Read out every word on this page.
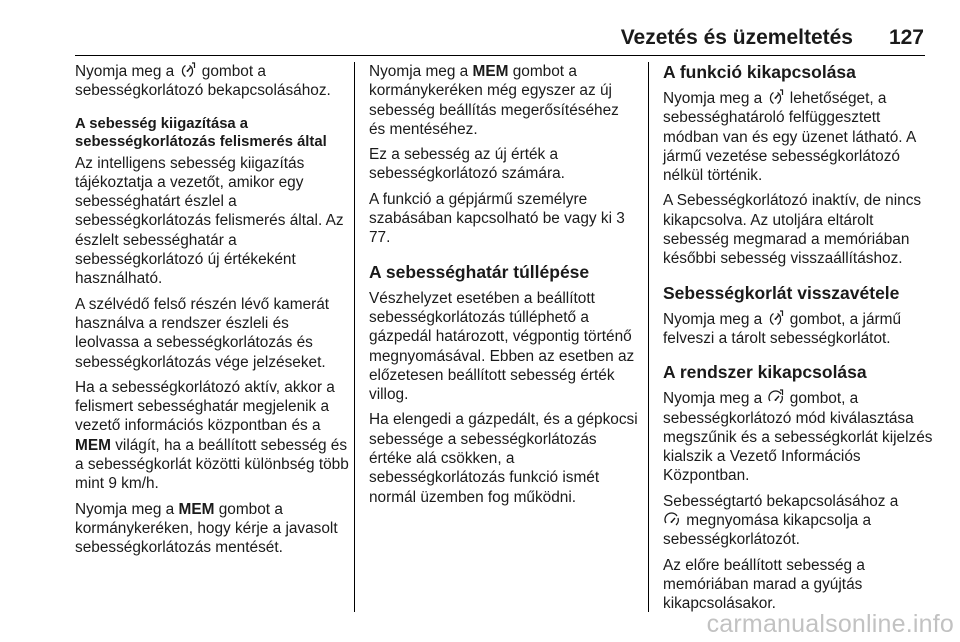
Vezetés és üzemeltetés 127

Nyomja meg a gombot a sebességkorlátozó bekapcsolásához.

A sebesség kiigazítása a sebességkorlátozás felismerés által

Az intelligens sebesség kiigazítás tájékoztatja a vezetőt, amikor egy sebességhatárt észlel a sebességkorlátozás felismerés által. Az észlelt sebességhatár a sebességkorlátozó új értékeként használható.

A szélvédő felső részén lévő kamerát használva a rendszer észleli és leolvassa a sebességkorlátozás és sebességkorlátozás vége jelzéseket.

Ha a sebességkorlátozó aktív, akkor a felismert sebességhatár megjelenik a vezető információs központban és a MEM világít, ha a beállított sebesség és a sebességkorlát közötti különbség több mint 9 km/h.

Nyomja meg a MEM gombot a kormánykeréken, hogy kérje a javasolt sebességkorlátozás mentését.

Nyomja meg a MEM gombot a kormánykeréken még egyszer az új sebesség beállítás megerősítéséhez és mentéséhez.

Ez a sebesség az új érték a sebességkorlátozó számára.

A funkció a gépjármű személyre szabásában kapcsolható be vagy ki 3 77.

A sebességhatár túllépése

Vészhelyzet esetében a beállított sebességkorlátozás túlléphető a gázpedál határozott, végpontig történő megnyomásával. Ebben az esetben az előzetesen beállított sebesség érték villog.

Ha elengedi a gázpedált, és a gépkocsi sebessége a sebességkorlátozás értéke alá csökken, a sebességkorlátozás funkció ismét normál üzemben fog működni.

A funkció kikapcsolása

Nyomja meg a lehetőséget, a sebességhatároló felfüggesztett módban van és egy üzenet látható. A jármű vezetése sebességkorlátozó nélkül történik.

A Sebességkorlátozó inaktív, de nincs kikapcsolva. Az utoljára eltárolt sebesség megmarad a memóriában későbbi sebesség visszaállításhoz.

Sebességkorlát visszavétele

Nyomja meg a gombot, a jármű felveszi a tárolt sebességkorlátot.

A rendszer kikapcsolása

Nyomja meg a gombot, a sebességkorlátozó mód kiválasztása megszűnik és a sebességkorlát kijelzés kialszik a Vezető Információs Központban.

Sebességtartó bekapcsolásához a

megnyomása kikapcsolja a sebességkorlátozót.

Az előre beállított sebesség a memóriában marad a gyújtás kikapcsolásakor.

carmanualsonline.info
